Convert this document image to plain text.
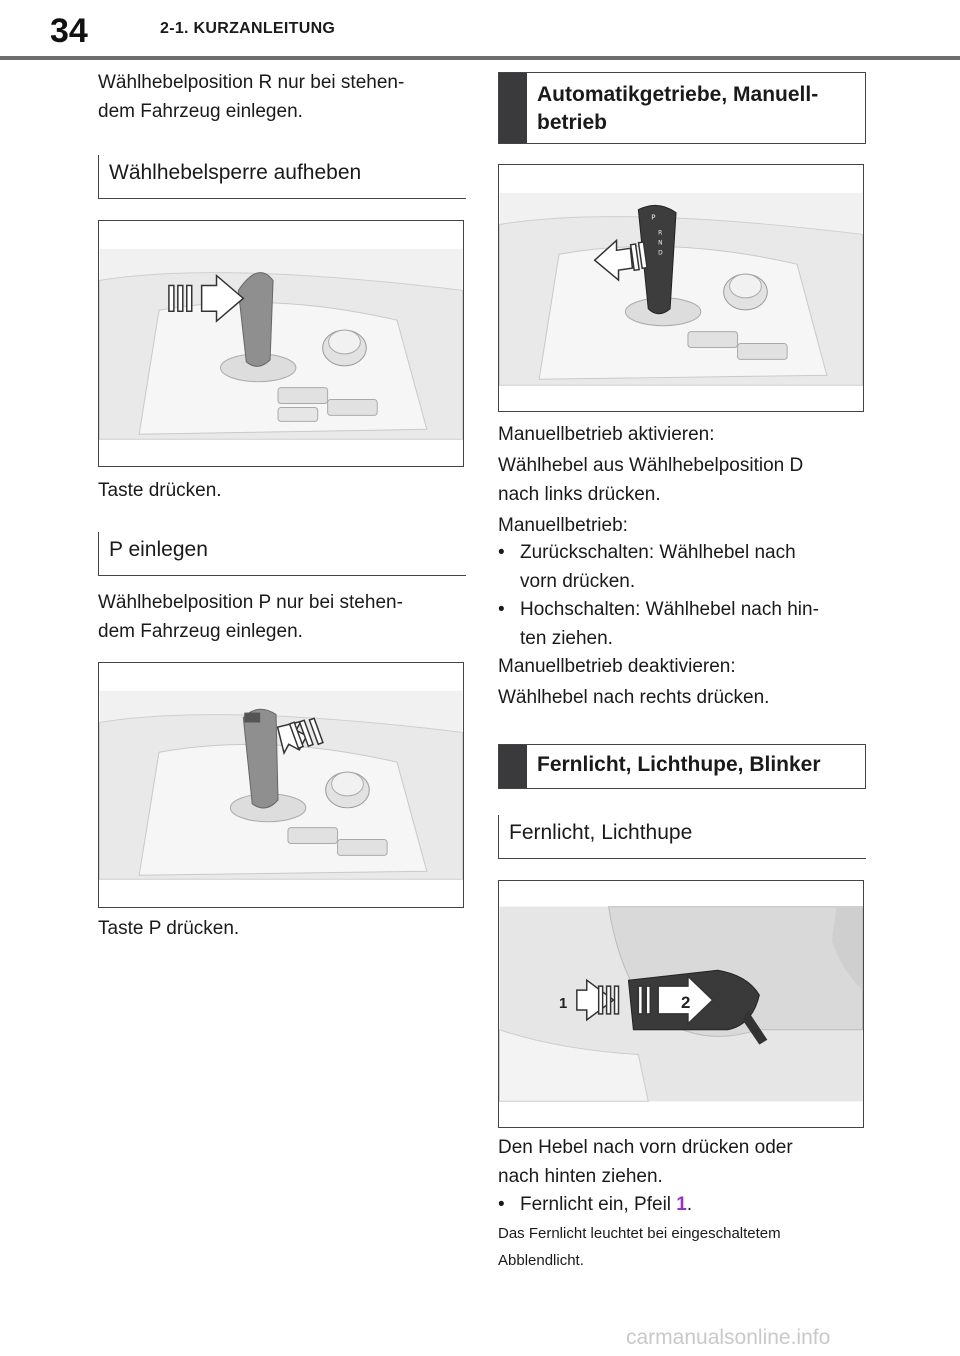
34	2-1. KURZANLEITUNG

Wählhebelposition R nur bei stehen-

dem Fahrzeug einlegen.

Wählhebelsperre aufheben

Taste drücken.

P einlegen

Wählhebelposition P nur bei stehen-

dem Fahrzeug einlegen.

Taste P drücken.

Automatikgetriebe, Manuell-
betrieb
P
R
N
D

Manuellbetrieb aktivieren:

Wählhebel aus Wählhebelposition D

nach links drücken.

Manuellbetrieb:

• Zurückschalten: Wählhebel nach
vorn drücken.
• Hochschalten: Wählhebel nach hin-
ten ziehen.

Manuellbetrieb deaktivieren:

Wählhebel nach rechts drücken.

Fernlicht, Lichthupe, Blinker
Fernlicht, Lichthupe
1	2

Den Hebel nach vorn drücken oder

nach hinten ziehen.

• Fernlicht ein, Pfeil 1.

Das Fernlicht leuchtet bei eingeschaltetem

Abblendlicht.

carmanualsonline.info
